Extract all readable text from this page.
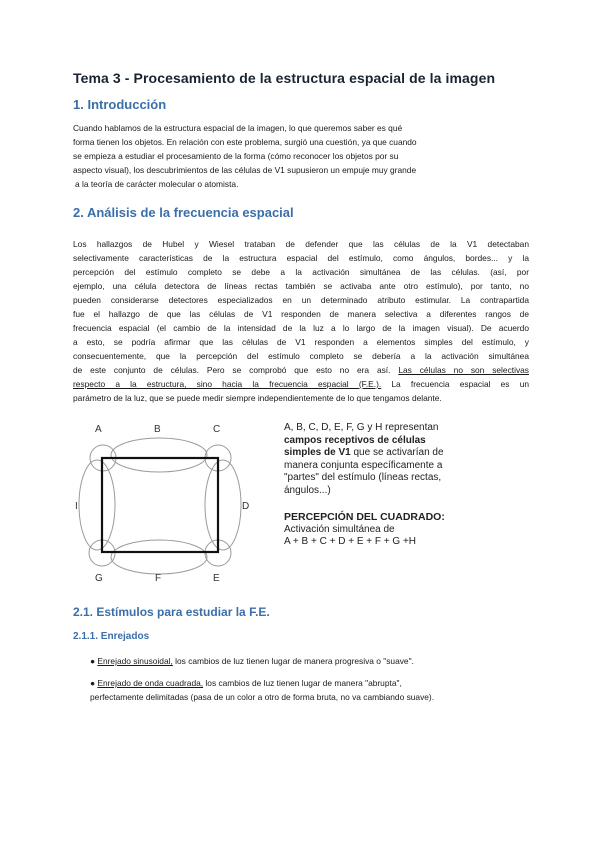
Tema 3 - Procesamiento de la estructura espacial de la imagen
1. Introducción
Cuando hablamos de la estructura espacial de la imagen, lo que queremos saber es qué
forma tienen los objetos. En relación con este problema, surgió una cuestión, ya que cuando
se empieza a estudiar el procesamiento de la forma (cómo reconocer los objetos por su
aspecto visual), los descubrimientos de las células de V1 supusieron un empuje muy grande
a la teoría de carácter molecular o atomista.
2. Análisis de la frecuencia espacial
Los hallazgos de Hubel y Wiesel trataban de defender que las células de la V1 detectaban
selectivamente características de la estructura espacial del estímulo, como ángulos, bordes... y la
percepción del estímulo completo se debe a la activación simultánea de las células. (así, por
ejemplo, una célula detectora de líneas rectas también se activaba ante otro estímulo), por tanto, no
pueden considerarse detectores especializados en un determinado atributo estimular. La contrapartida
fue el hallazgo de que las células de V1 responden de manera selectiva a diferentes rangos de
frecuencia espacial (el cambio de la intensidad de la luz a lo largo de la imagen visual). De acuerdo
a esto, se podría afirmar que las células de V1 responden a elementos simples del estímulo, y
consecuentemente, que la percepción del estímulo completo se debería a la activación simultánea
de este conjunto de células. Pero se comprobó que esto no era así. Las células no son selectivas
respecto a la estructura, sino hacia la frecuencia espacial (F.E.). La frecuencia espacial es un
parámetro de la luz, que se puede medir siempre independientemente de lo que tengamos delante.
A	B	C
I	D
G	F	E
A, B, C, D, E, F, G y H representan
campos receptivos de células
simples de V1 que se activarían de
manera conjunta específicamente a
"partes" del estímulo (líneas rectas,
ángulos...)
PERCEPCIÓN DEL CUADRADO:
Activación simultánea de
A + B + C + D + E + F + G +H
2.1. Estímulos para estudiar la F.E.
2.1.1. Enrejados
● Enrejado sinusoidal, los cambios de luz tienen lugar de manera progresiva o "suave".
● Enrejado de onda cuadrada, los cambios de luz tienen lugar de manera "abrupta",
perfectamente delimitadas (pasa de un color a otro de forma bruta, no va cambiando suave).
